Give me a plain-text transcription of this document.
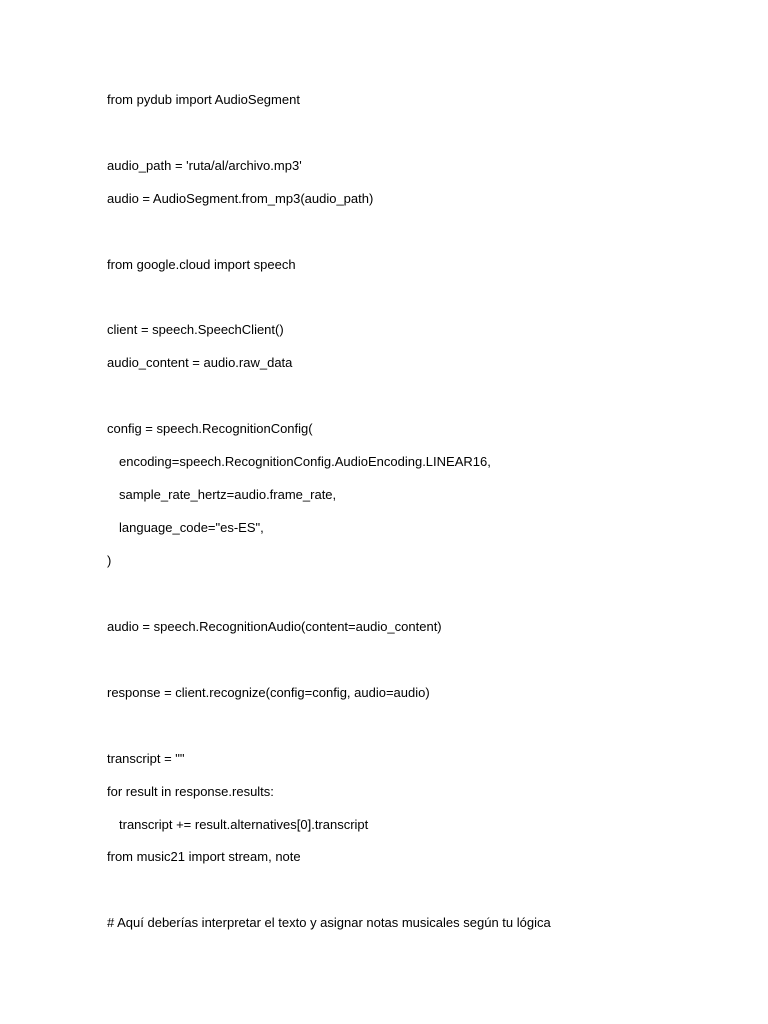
from pydub import AudioSegment
audio_path = 'ruta/al/archivo.mp3'
audio = AudioSegment.from_mp3(audio_path)
from google.cloud import speech
client = speech.SpeechClient()
audio_content = audio.raw_data
config = speech.RecognitionConfig(
encoding=speech.RecognitionConfig.AudioEncoding.LINEAR16,
sample_rate_hertz=audio.frame_rate,
language_code="es-ES",
)
audio = speech.RecognitionAudio(content=audio_content)
response = client.recognize(config=config, audio=audio)
transcript = ""
for result in response.results:
transcript += result.alternatives[0].transcript
from music21 import stream, note
# Aquí deberías interpretar el texto y asignar notas musicales según tu lógica
